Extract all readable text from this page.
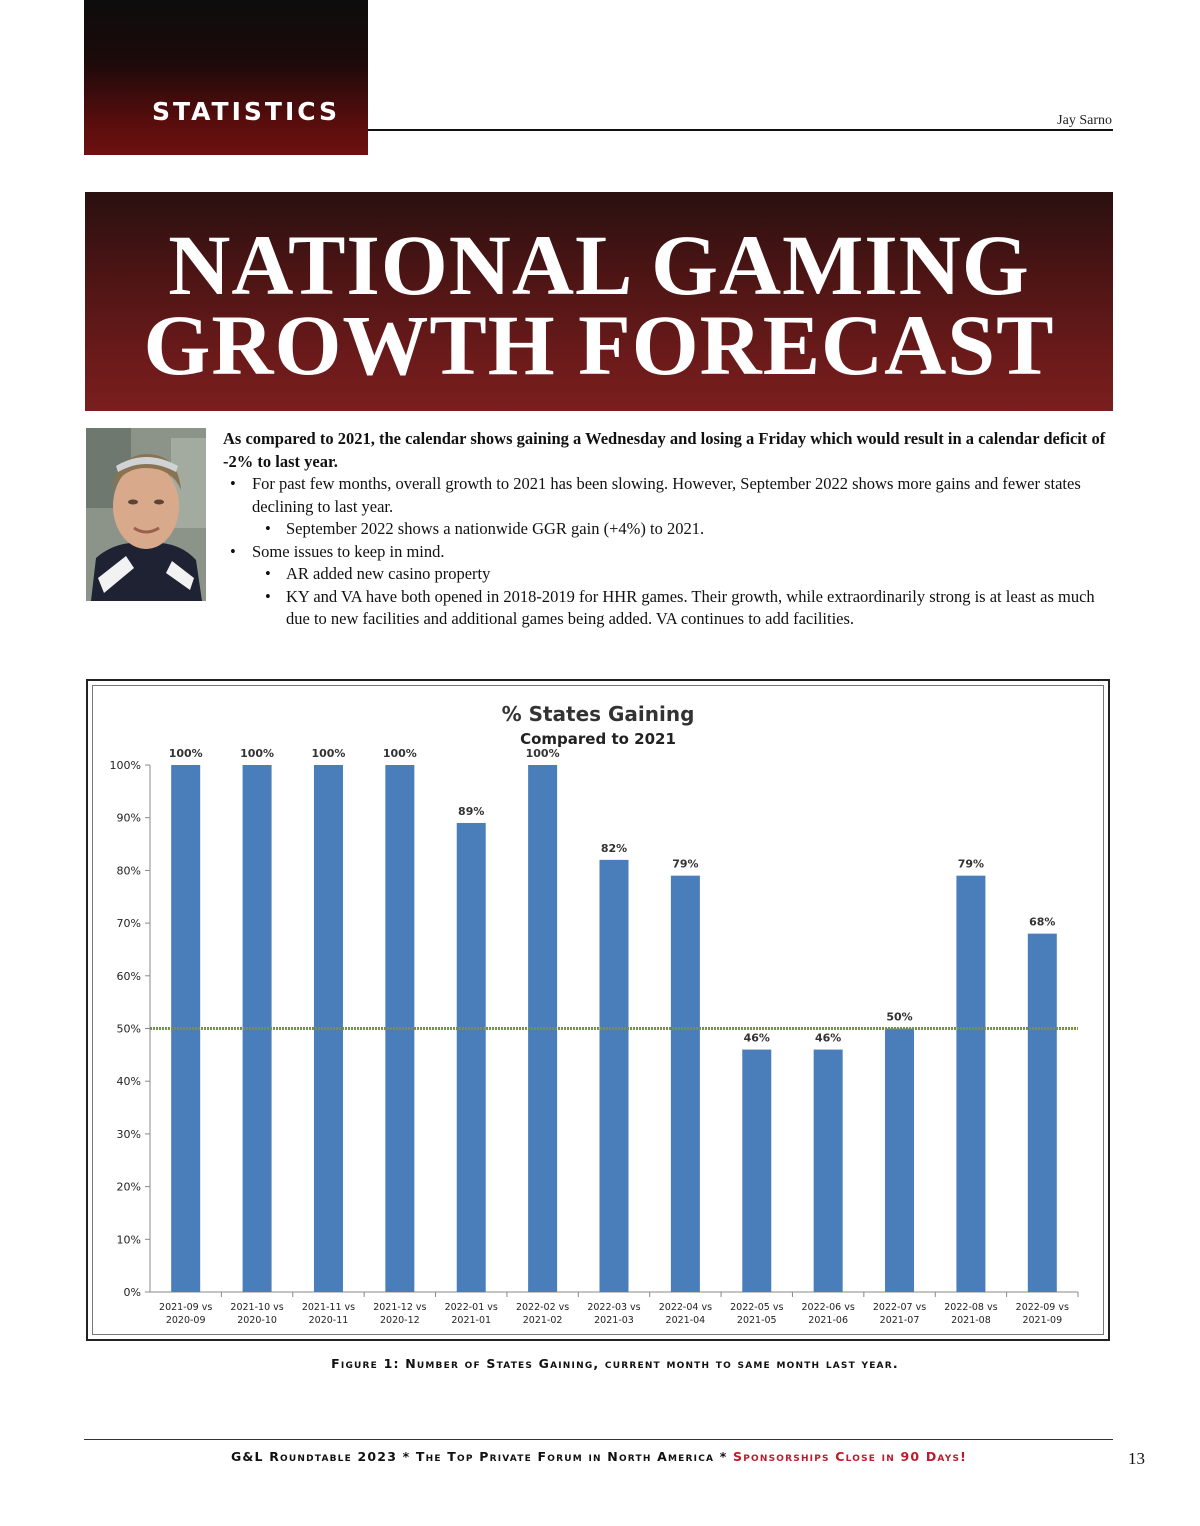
STATISTICS	Jay Sarno
NATIONAL GAMING
GROWTH FORECAST
As compared to 2021, the calendar shows gaining a Wednesday and losing a Friday which would result in a calendar deficit of -2% to last year.
• For past few months, overall growth to 2021 has been slowing. However, September 2022 shows more gains and fewer states declining to last year.
• September 2022 shows a nationwide GGR gain (+4%) to 2021.
• Some issues to keep in mind.
• AR added new casino property
• KY and VA have both opened in 2018-2019 for HHR games. Their growth, while extraordinarily strong is at least as much due to new facilities and additional games being added. VA continues to add facilities.
% States Gaining
Compared to 2021
0%
10%
20%
30%
40%
50%
60%
70%
80%
90%
100%
100%
2021-09 vs
2020-09
100%
2021-10 vs
2020-10
100%
2021-11 vs
2020-11
100%
2021-12 vs
2020-12
89%
2022-01 vs
2021-01
100%
2022-02 vs
2021-02
82%
2022-03 vs
2021-03
79%
2022-04 vs
2021-04
46%
2022-05 vs
2021-05
46%
2022-06 vs
2021-06
50%
2022-07 vs
2021-07
79%
2022-08 vs
2021-08
68%
2022-09 vs
2021-09
Figure 1: Number of States Gaining, current month to same month last year.
G&L Roundtable 2023 * The Top Private Forum in North America * Sponsorships Close in 90 Days!	13
